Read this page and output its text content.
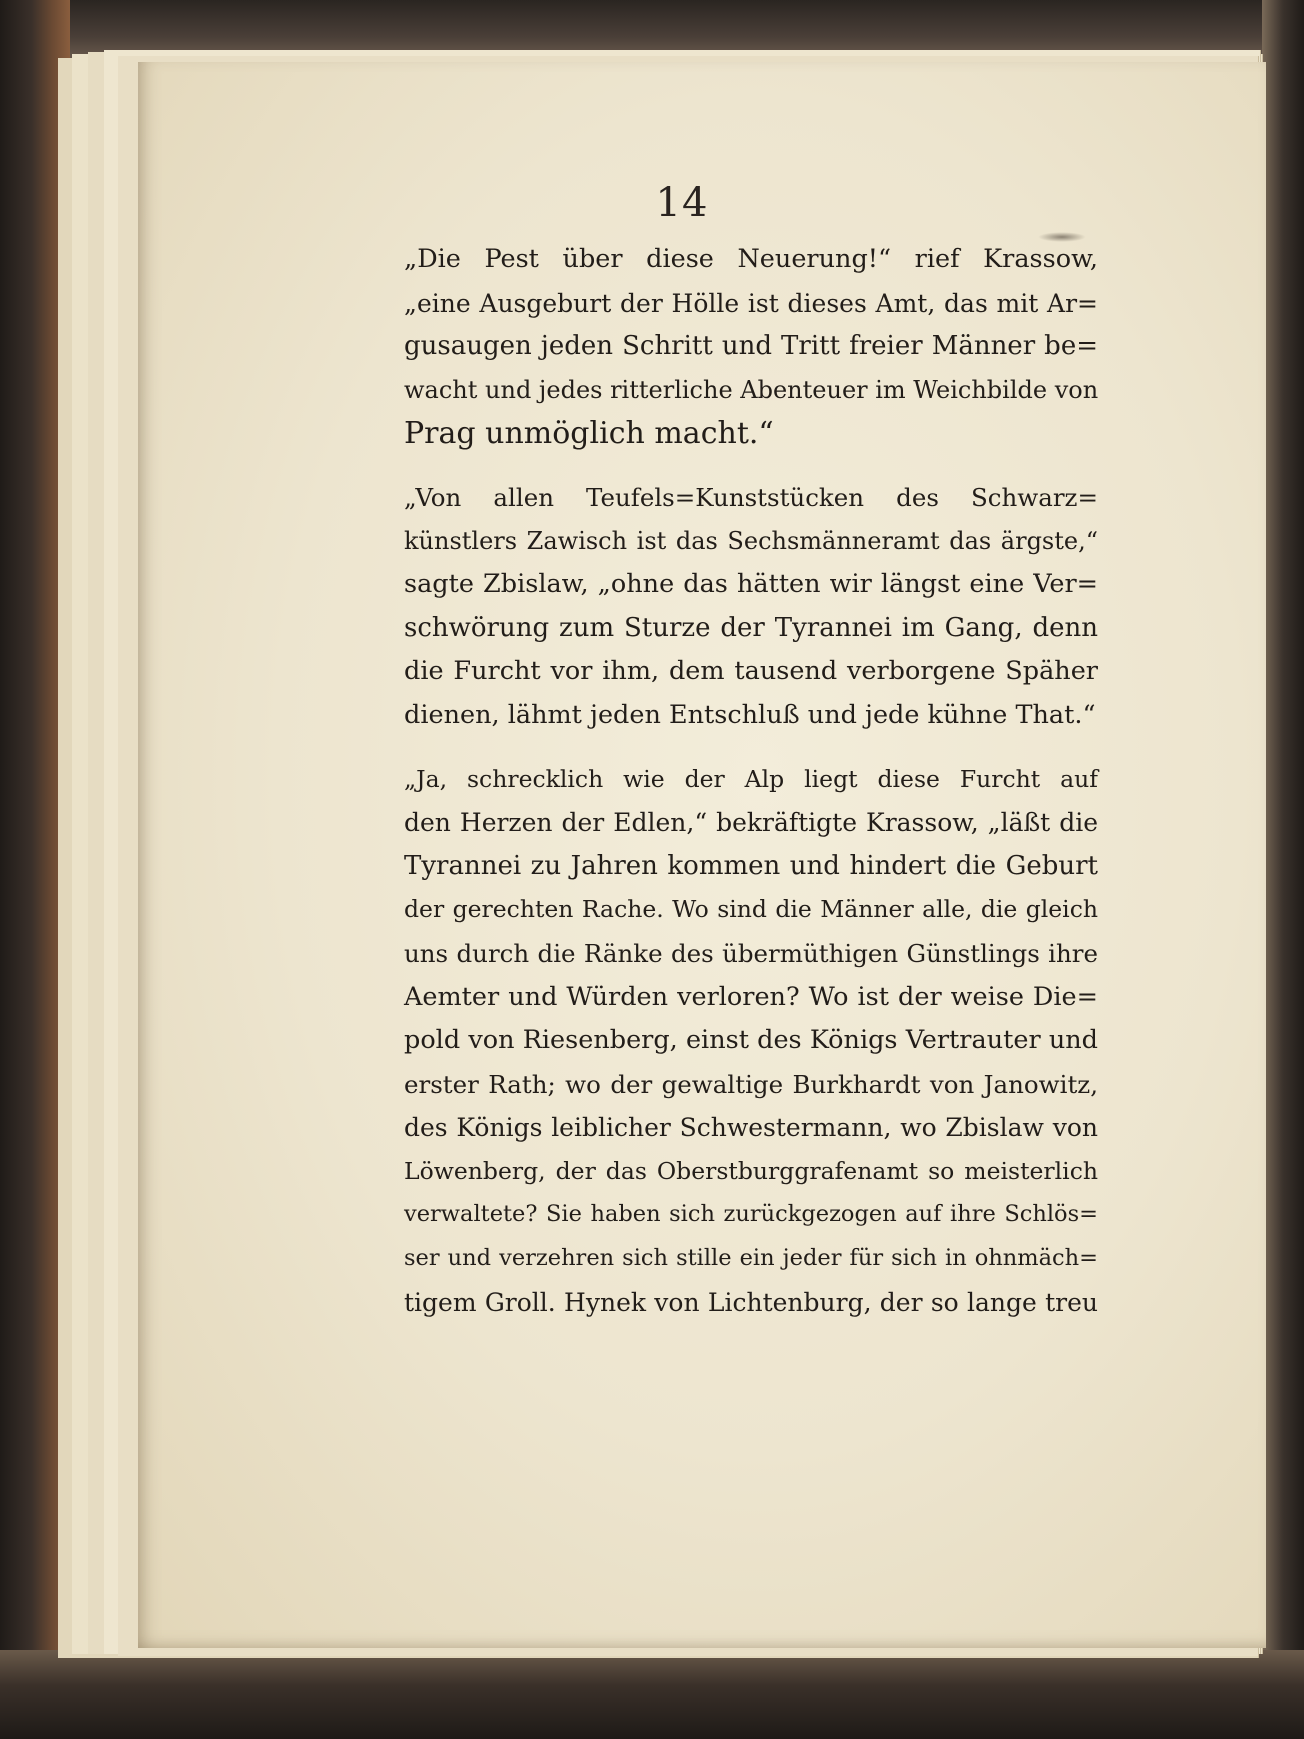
14

„Die Pest über diese Neuerung!“ rief Krassow,
„eine Ausgeburt der Hölle ist dieses Amt, das mit Ar=
gusaugen jeden Schritt und Tritt freier Männer be=
wacht und jedes ritterliche Abenteuer im Weichbilde von
Prag unmöglich macht.“

„Von allen Teufels=Kunststücken des Schwarz=
künstlers Zawisch ist das Sechsmänneramt das ärgste,“
sagte Zbislaw, „ohne das hätten wir längst eine Ver=
schwörung zum Sturze der Tyrannei im Gang, denn
die Furcht vor ihm, dem tausend verborgene Späher
dienen, lähmt jeden Entschluß und jede kühne That.“

„Ja, schrecklich wie der Alp liegt diese Furcht auf
den Herzen der Edlen,“ bekräftigte Krassow, „läßt die
Tyrannei zu Jahren kommen und hindert die Geburt
der gerechten Rache. Wo sind die Männer alle, die gleich
uns durch die Ränke des übermüthigen Günstlings ihre
Aemter und Würden verloren? Wo ist der weise Die=
pold von Riesenberg, einst des Königs Vertrauter und
erster Rath; wo der gewaltige Burkhardt von Janowitz,
des Königs leiblicher Schwestermann, wo Zbislaw von
Löwenberg, der das Oberstburggrafenamt so meisterlich
verwaltete? Sie haben sich zurückgezogen auf ihre Schlös=
ser und verzehren sich stille ein jeder für sich in ohnmäch=
tigem Groll. Hynek von Lichtenburg, der so lange treu
